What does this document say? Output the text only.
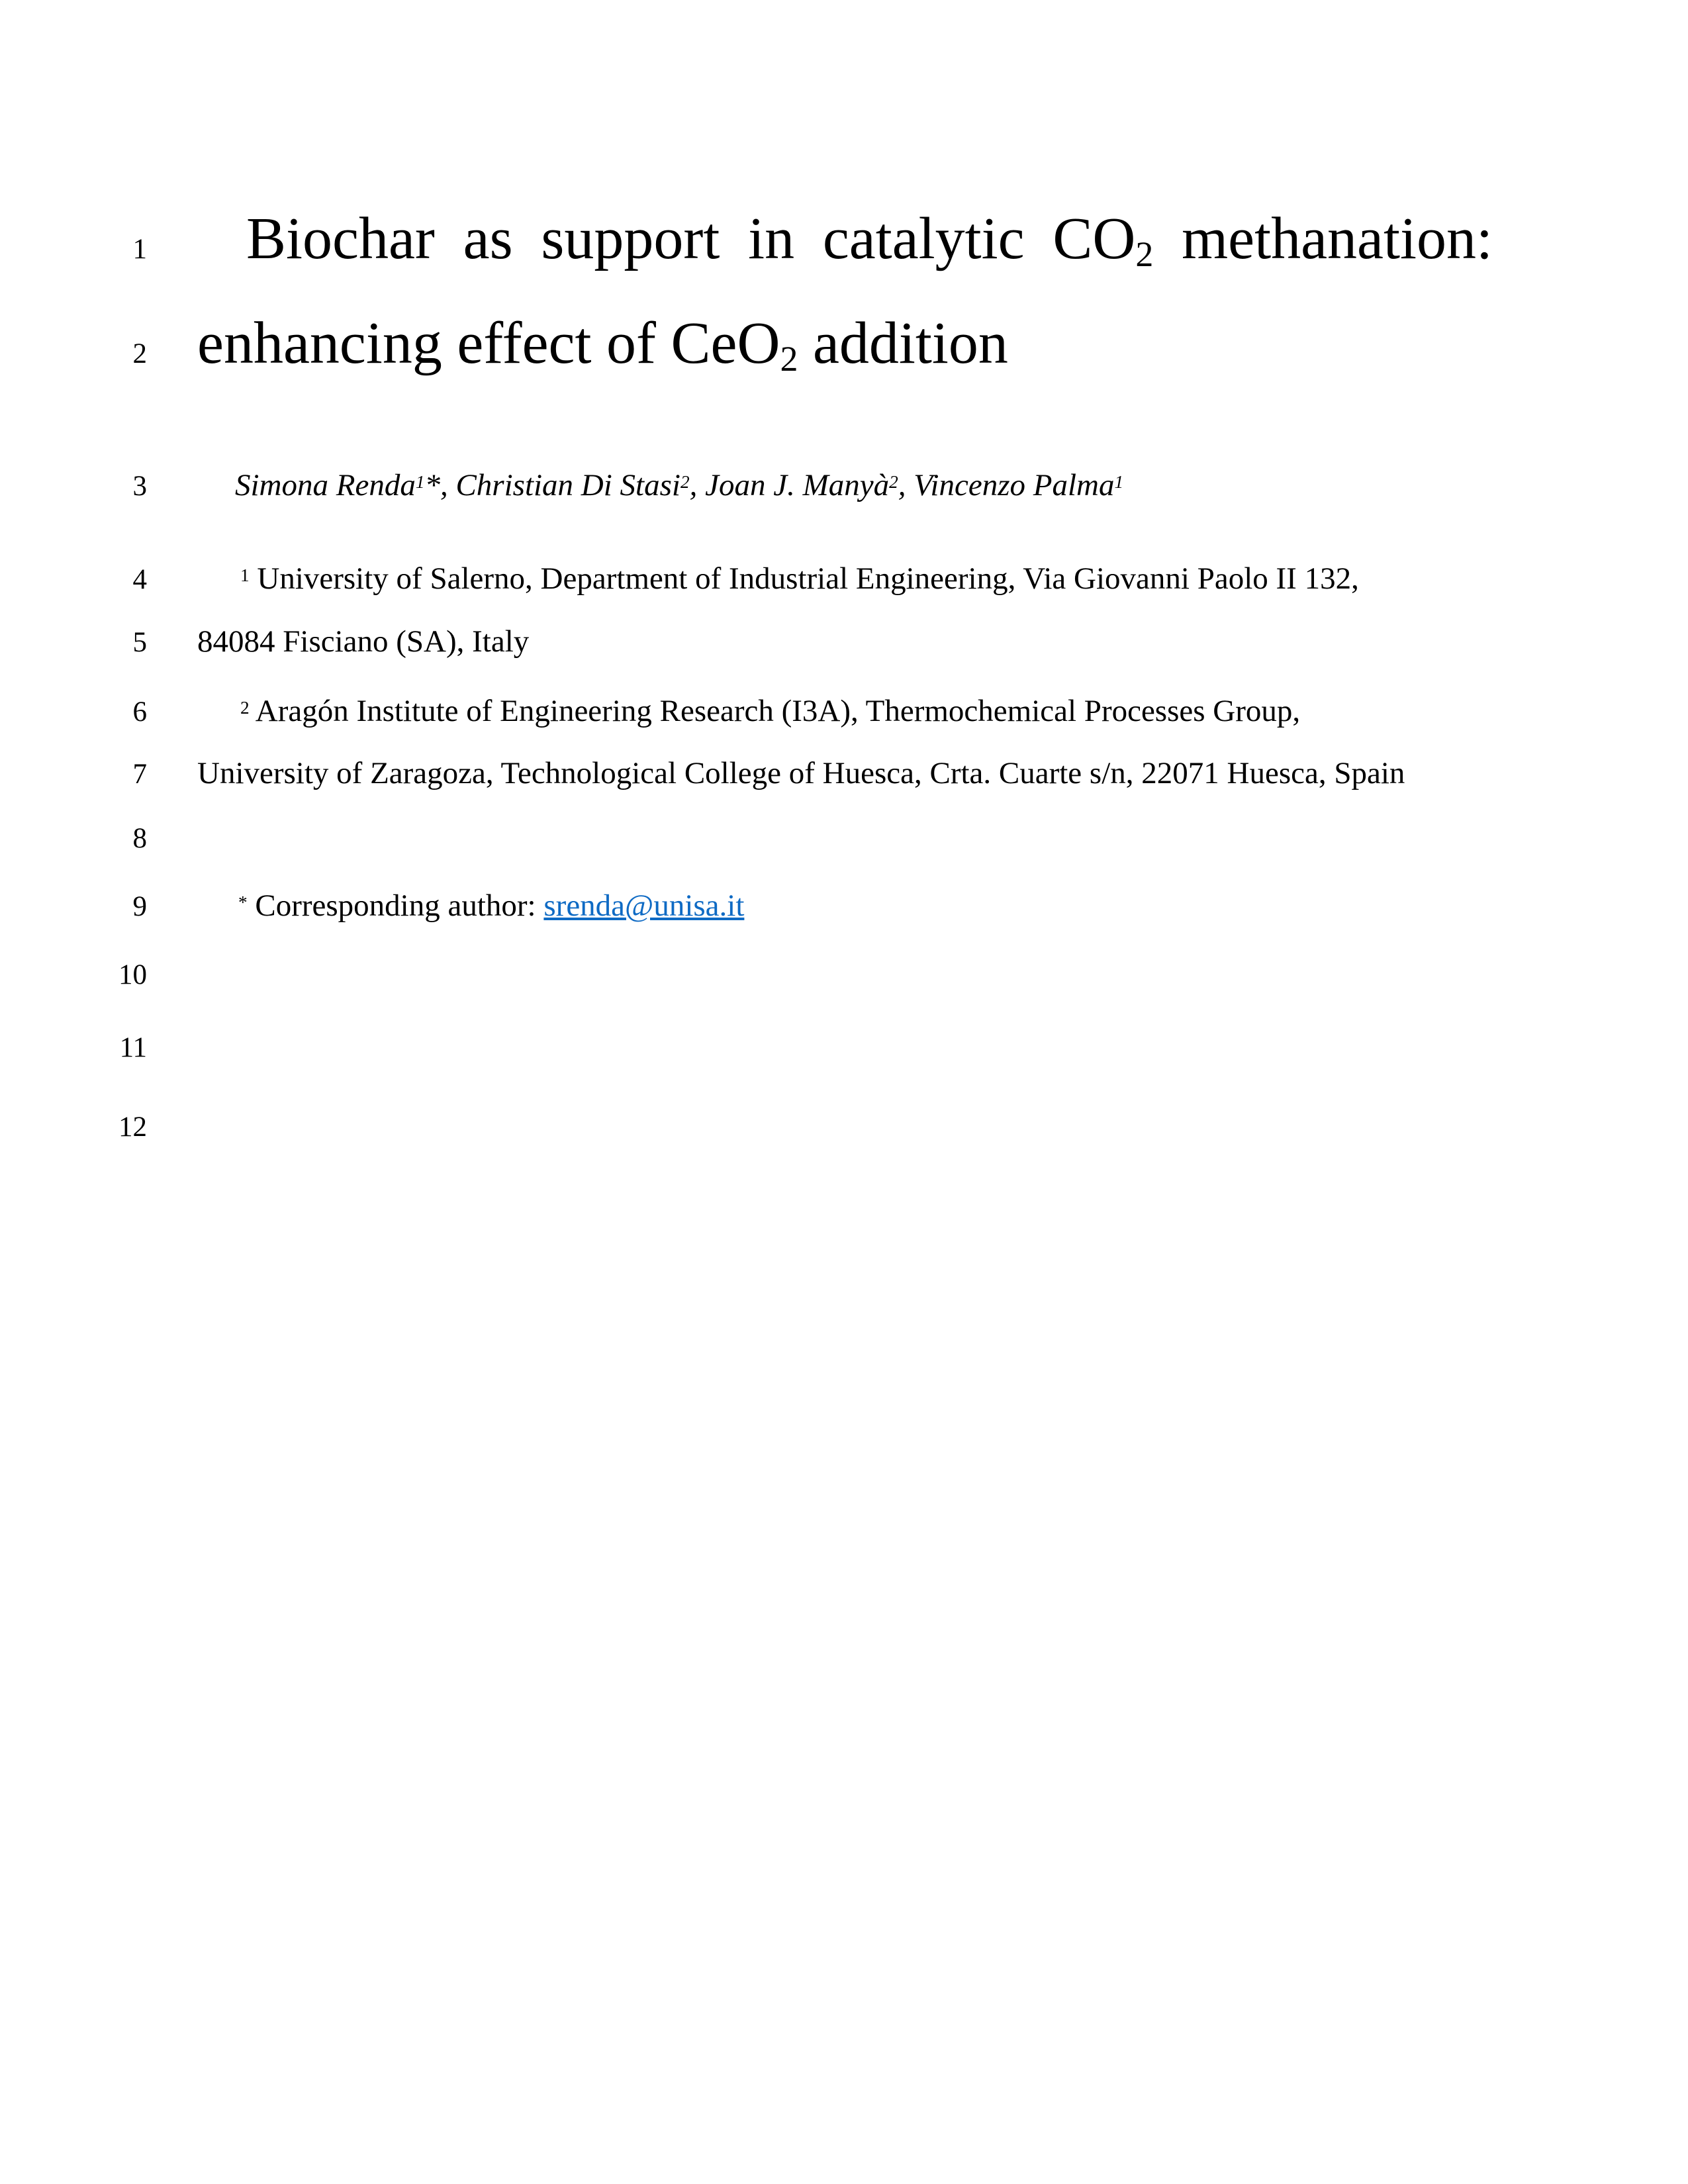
1	Biochar as support in catalytic CO2 methanation:
2 enhancing effect of CeO2 addition
3	Simona Renda$^1$*, Christian Di Stasi$^2$, Joan J. Manyà$^2$, Vincenzo Palma$^1$
4	$^1$ University of Salerno, Department of Industrial Engineering, Via Giovanni Paolo II 132,
5 84084 Fisciano (SA), Italy
6	$^2$ Aragón Institute of Engineering Research (I3A), Thermochemical Processes Group,
7 University of Zaragoza, Technological College of Huesca, Crta. Cuarte s/n, 22071 Huesca, Spain
8
9	* Corresponding author: srenda@unisa.it
10
11
12
